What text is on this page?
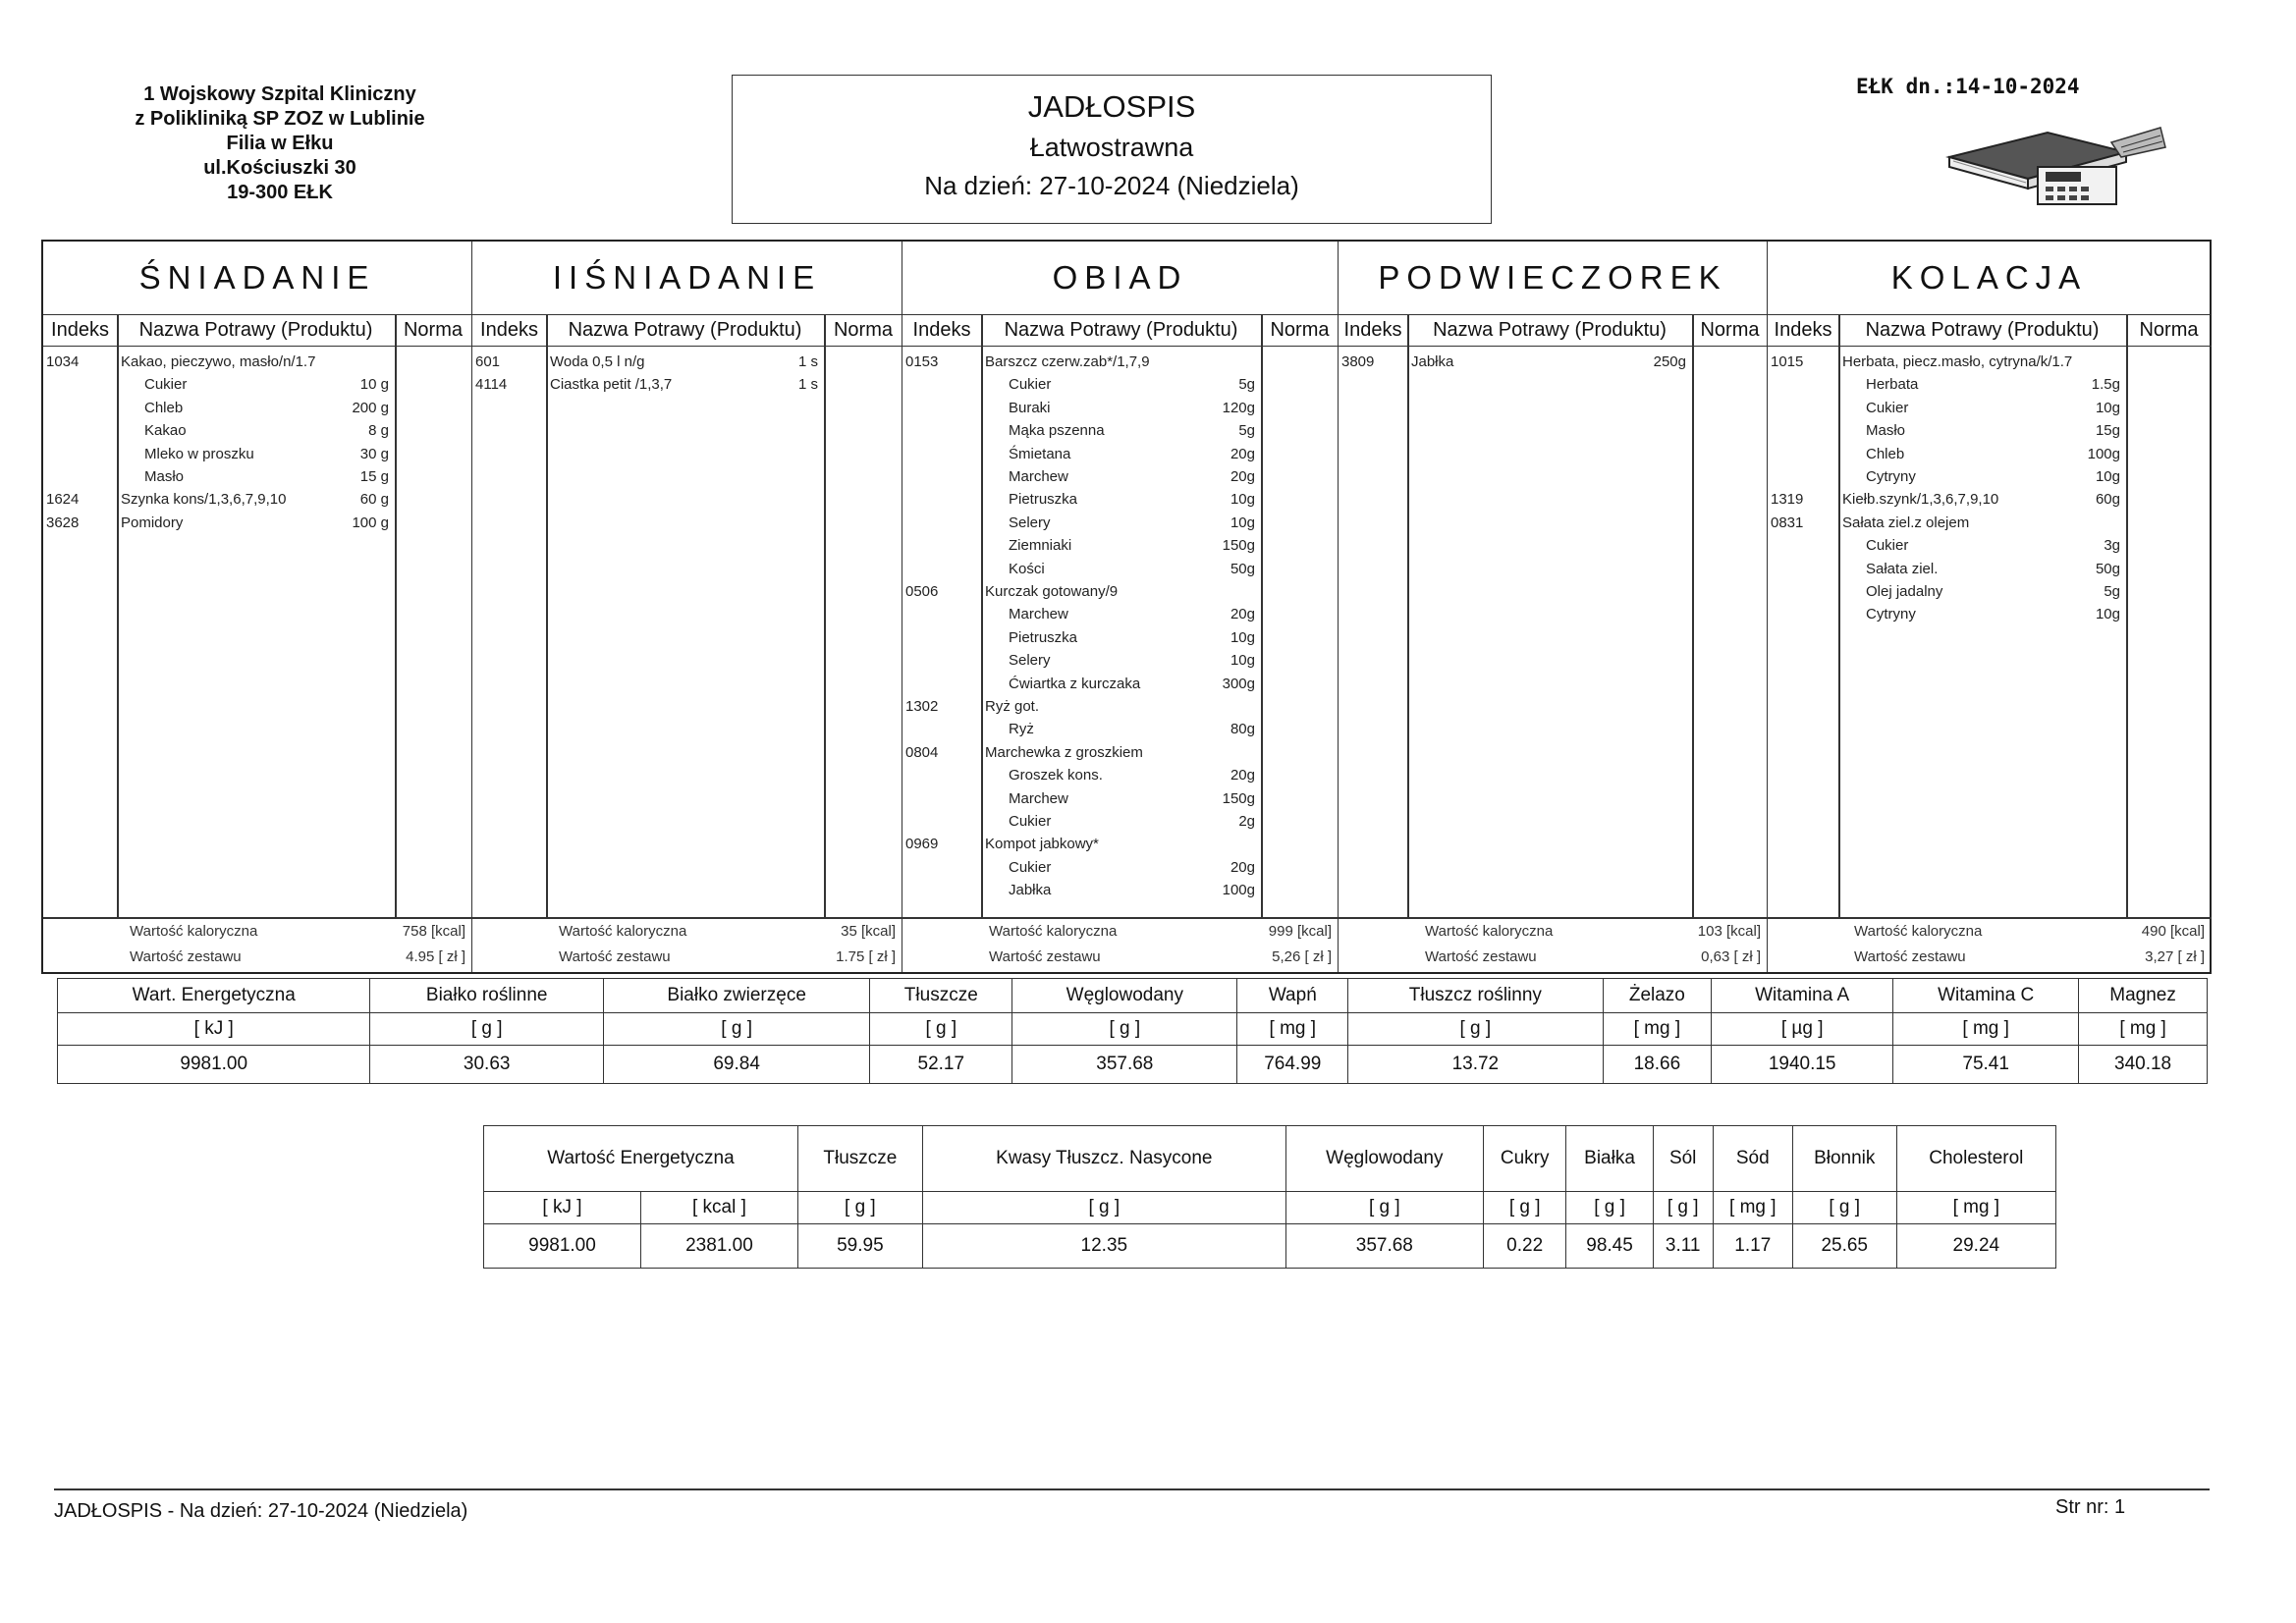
1 Wojskowy Szpital Kliniczny
z Polikliniką SP ZOZ w Lublinie
Filia w Ełku
ul.Kościuszki 30
19-300 EŁK
JADŁOSPIS
Łatwostrawna
Na dzień: 27-10-2024 (Niedziela)
EŁK dn.:14-10-2024
ŚNIADANIE
Indeks	Nazwa Potrawy (Produktu)	Norma
1034	Kakao, pieczywo, masło/n/1.7
Cukier	10 g
Chleb	200 g
Kakao	8 g
Mleko w proszku	30 g
Masło	15 g
1624	Szynka kons/1,3,6,7,9,10	60 g
3628	Pomidory	100 g
Wartość kaloryczna	758 [kcal]
Wartość zestawu	4.95 [ zł ]
IIŚNIADANIE
Indeks	Nazwa Potrawy (Produktu)	Norma
601	Woda 0,5 l n/g	1 s
4114	Ciastka petit /1,3,7	1 s
Wartość kaloryczna	35 [kcal]
Wartość zestawu	1.75 [ zł ]
OBIAD
Indeks	Nazwa Potrawy (Produktu)	Norma
0153	Barszcz czerw.zab*/1,7,9
Cukier	5g
Buraki	120g
Mąka pszenna	5g
Śmietana	20g
Marchew	20g
Pietruszka	10g
Selery	10g
Ziemniaki	150g
Kości	50g
0506	Kurczak gotowany/9
Marchew	20g
Pietruszka	10g
Selery	10g
Ćwiartka z kurczaka	300g
1302	Ryż got.
Ryż	80g
0804	Marchewka z groszkiem
Groszek kons.	20g
Marchew	150g
Cukier	2g
0969	Kompot jabkowy*
Cukier	20g
Jabłka	100g
Wartość kaloryczna	999 [kcal]
Wartość zestawu	5,26 [ zł ]
PODWIECZOREK
Indeks	Nazwa Potrawy (Produktu)	Norma
3809	Jabłka	250g
Wartość kaloryczna	103 [kcal]
Wartość zestawu	0,63 [ zł ]
KOLACJA
Indeks	Nazwa Potrawy (Produktu)	Norma
1015	Herbata, piecz.masło, cytryna/k/1.7
Herbata	1.5g
Cukier	10g
Masło	15g
Chleb	100g
Cytryny	10g
1319	Kiełb.szynk/1,3,6,7,9,10	60g
0831	Sałata ziel.z olejem
Cukier	3g
Sałata ziel.	50g
Olej jadalny	5g
Cytryny	10g
Wartość kaloryczna	490 [kcal]
Wartość zestawu	3,27 [ zł ]
Wart. Energetyczna	Białko roślinne	Białko zwierzęce	Tłuszcze	Węglowodany	Wapń	Tłuszcz roślinny	Żelazo	Witamina A	Witamina C	Magnez
[ kJ ]	[ g ]	[ g ]	[ g ]	[ g ]	[ mg ]	[ g ]	[ mg ]	[ µg ]	[ mg ]	[ mg ]
9981.00	30.63	69.84	52.17	357.68	764.99	13.72	18.66	1940.15	75.41	340.18
Wartość Energetyczna		Tłuszcze	Kwasy Tłuszcz. Nasycone	Węglowodany	Cukry	Białka	Sól	Sód	Błonnik	Cholesterol
[ kJ ]	[ kcal ]	[ g ]	[ g ]	[ g ]	[ g ]	[ g ]	[ g ]	[ mg ]	[ g ]	[ mg ]
9981.00	2381.00	59.95	12.35	357.68	0.22	98.45	3.11	1.17	25.65	29.24
JADŁOSPIS - Na dzień: 27-10-2024 (Niedziela)	Str nr: 1
